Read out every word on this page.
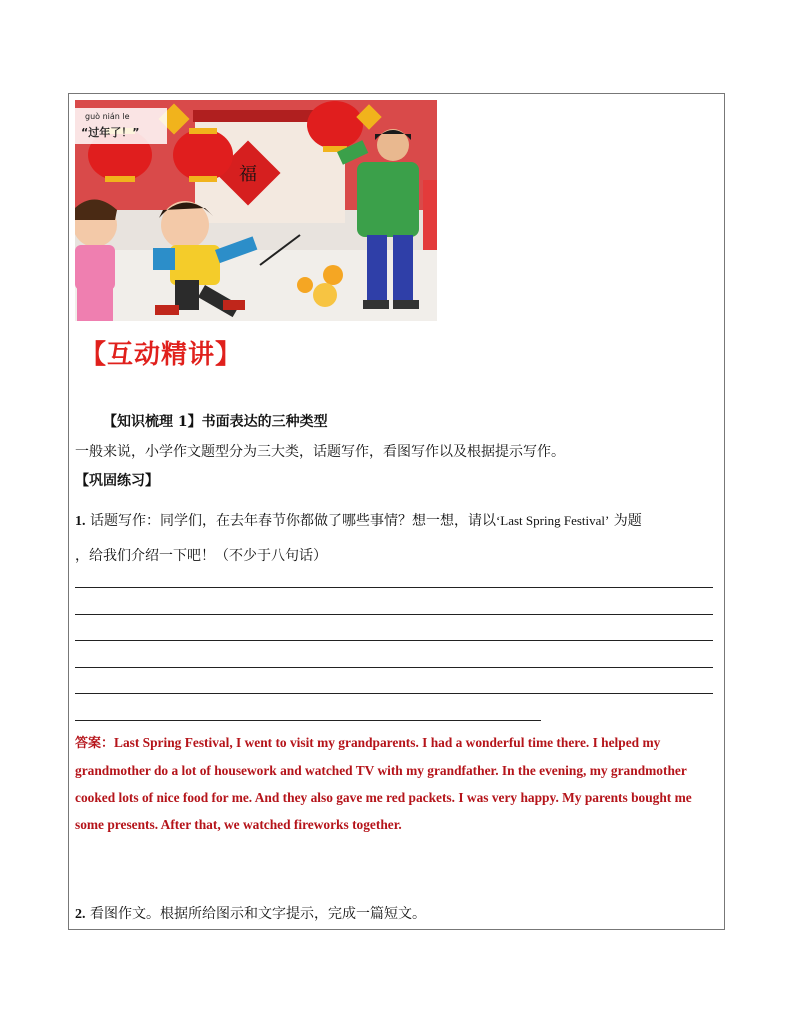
福
guò nián le
“过年了！”
【互动精讲】
【知识梳理 1】书面表达的三种类型
一般来说，小学作文题型分为三大类，话题写作，看图写作以及根据提示写作。
【巩固练习】
1. 话题写作：同学们，在去年春节你都做了哪些事情？想一想，请以‘Last Spring Festival’ 为题
，给我们介绍一下吧！（不少于八句话）

答案：Last Spring Festival, I went to visit my grandparents. I had a wonderful time there. I helped my grandmother do a lot of housework and watched TV with my grandfather. In the evening, my grandmother cooked lots of nice food for me. And they also gave me red packets. I was very happy. My parents bought me some presents. After that, we watched fireworks together.

2. 看图作文。根据所给图示和文字提示，完成一篇短文。
